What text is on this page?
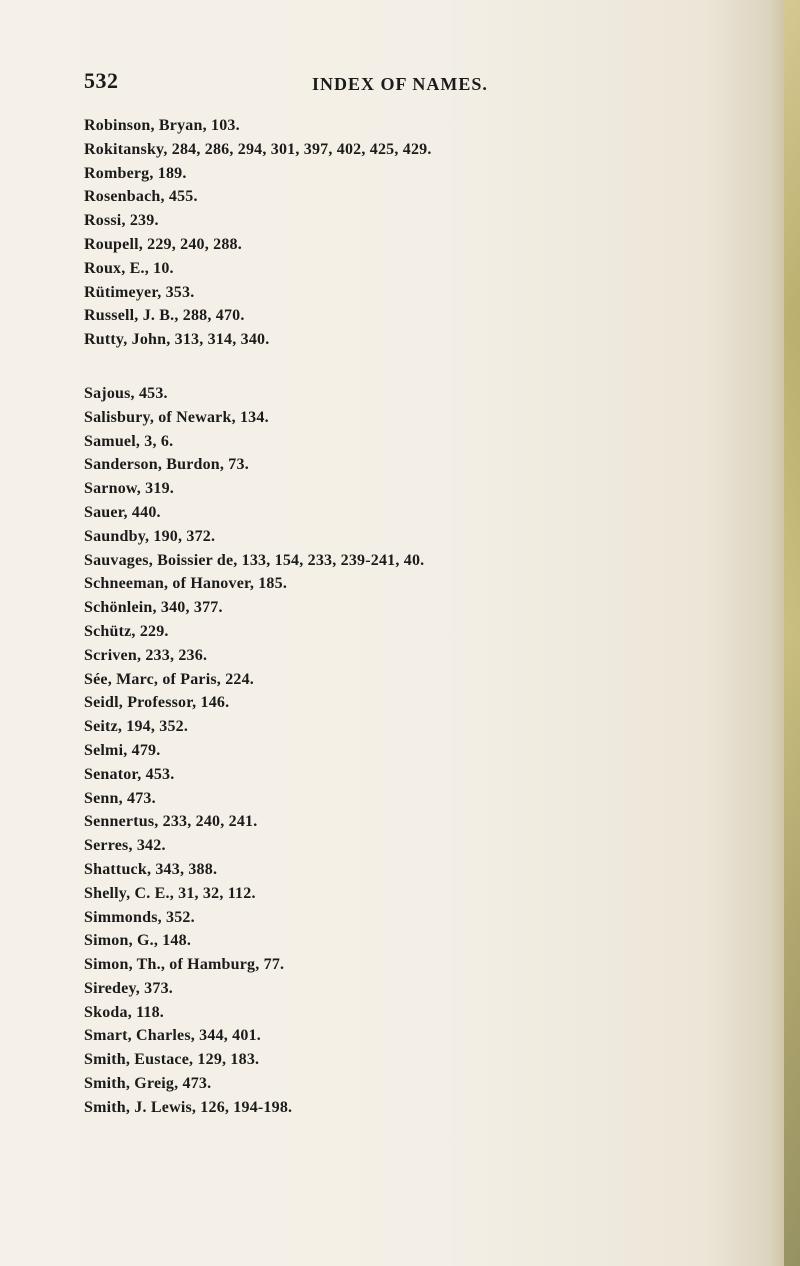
532	INDEX OF NAMES.
Robinson, Bryan, 103.
Rokitansky, 284, 286, 294, 301, 397, 402, 425, 429.
Romberg, 189.
Rosenbach, 455.
Rossi, 239.
Roupell, 229, 240, 288.
Roux, E., 10.
Rütimeyer, 353.
Russell, J. B., 288, 470.
Rutty, John, 313, 314, 340.
Sajous, 453.
Salisbury, of Newark, 134.
Samuel, 3, 6.
Sanderson, Burdon, 73.
Sarnow, 319.
Sauer, 440.
Saundby, 190, 372.
Sauvages, Boissier de, 133, 154, 233, 239-241, 40.
Schneeman, of Hanover, 185.
Schönlein, 340, 377.
Schütz, 229.
Scriven, 233, 236.
Sée, Marc, of Paris, 224.
Seidl, Professor, 146.
Seitz, 194, 352.
Selmi, 479.
Senator, 453.
Senn, 473.
Sennertus, 233, 240, 241.
Serres, 342.
Shattuck, 343, 388.
Shelly, C. E., 31, 32, 112.
Simmonds, 352.
Simon, G., 148.
Simon, Th., of Hamburg, 77.
Siredey, 373.
Skoda, 118.
Smart, Charles, 344, 401.
Smith, Eustace, 129, 183.
Smith, Greig, 473.
Smith, J. Lewis, 126, 194-198.
